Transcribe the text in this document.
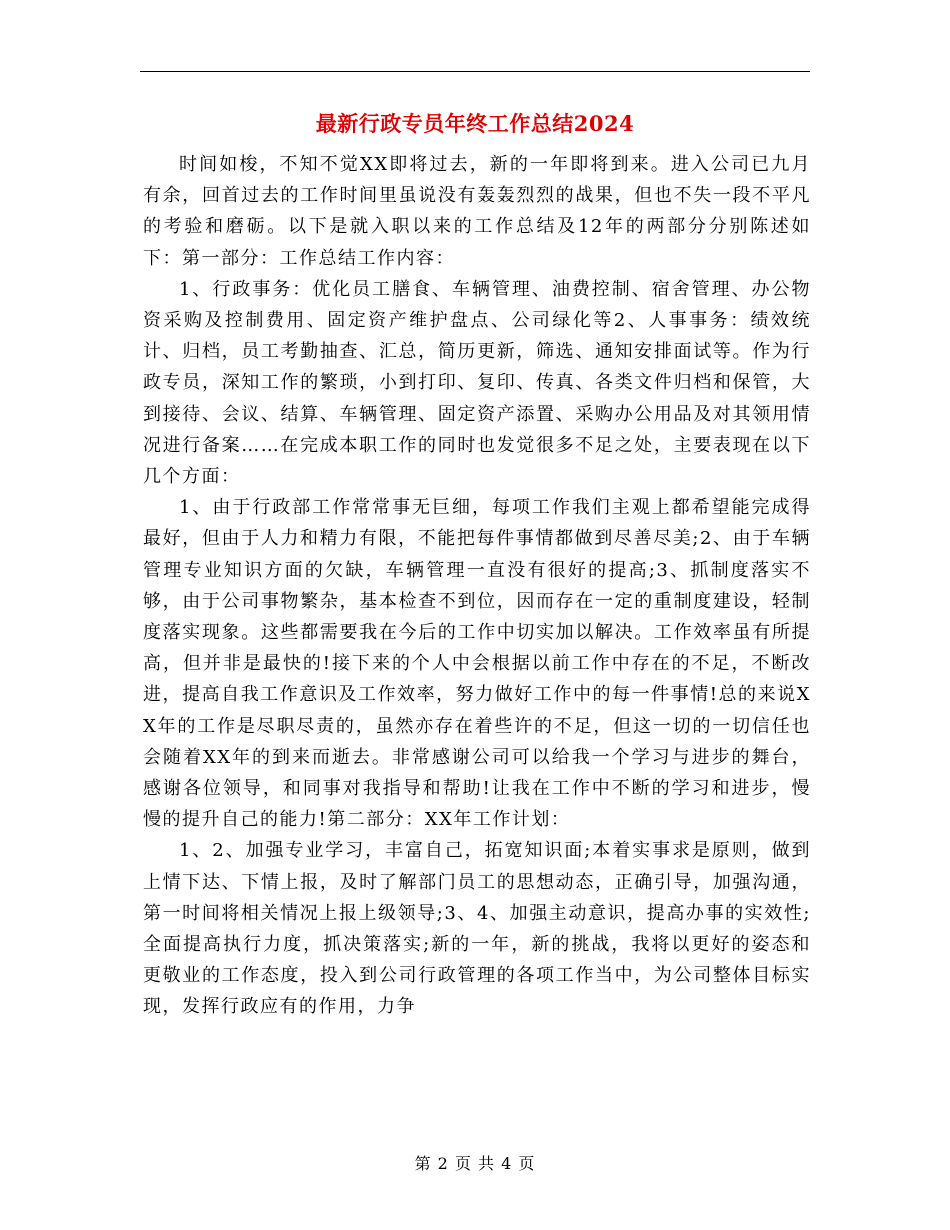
最新行政专员年终工作总结2024

时间如梭，不知不觉XX即将过去，新的一年即将到来。进入公司已九月有余，回首过去的工作时间里虽说没有轰轰烈烈的战果，但也不失一段不平凡的考验和磨砺。以下是就入职以来的工作总结及12年的两部分分别陈述如下：第一部分：工作总结工作内容：

1、行政事务：优化员工膳食、车辆管理、油费控制、宿舍管理、办公物资采购及控制费用、固定资产维护盘点、公司绿化等2、人事事务：绩效统计、归档，员工考勤抽查、汇总，简历更新，筛选、通知安排面试等。作为行政专员，深知工作的繁琐，小到打印、复印、传真、各类文件归档和保管，大到接待、会议、结算、车辆管理、固定资产添置、采购办公用品及对其领用情况进行备案……在完成本职工作的同时也发觉很多不足之处，主要表现在以下几个方面：

1、由于行政部工作常常事无巨细，每项工作我们主观上都希望能完成得最好，但由于人力和精力有限，不能把每件事情都做到尽善尽美;2、由于车辆管理专业知识方面的欠缺，车辆管理一直没有很好的提高;3、抓制度落实不够，由于公司事物繁杂，基本检查不到位，因而存在一定的重制度建设，轻制度落实现象。这些都需要我在今后的工作中切实加以解决。工作效率虽有所提高，但并非是最快的!接下来的个人中会根据以前工作中存在的不足，不断改进，提高自我工作意识及工作效率，努力做好工作中的每一件事情!总的来说XX年的工作是尽职尽责的，虽然亦存在着些许的不足，但这一切的一切信任也会随着XX年的到来而逝去。非常感谢公司可以给我一个学习与进步的舞台，感谢各位领导，和同事对我指导和帮助!让我在工作中不断的学习和进步，慢慢的提升自己的能力!第二部分：XX年工作计划：

1、2、加强专业学习，丰富自己，拓宽知识面;本着实事求是原则，做到上情下达、下情上报，及时了解部门员工的思想动态，正确引导，加强沟通，第一时间将相关情况上报上级领导;3、4、加强主动意识，提高办事的实效性;全面提高执行力度，抓决策落实;新的一年，新的挑战，我将以更好的姿态和更敬业的工作态度，投入到公司行政管理的各项工作当中，为公司整体目标实现，发挥行政应有的作用，力争

第 2 页 共 4 页
